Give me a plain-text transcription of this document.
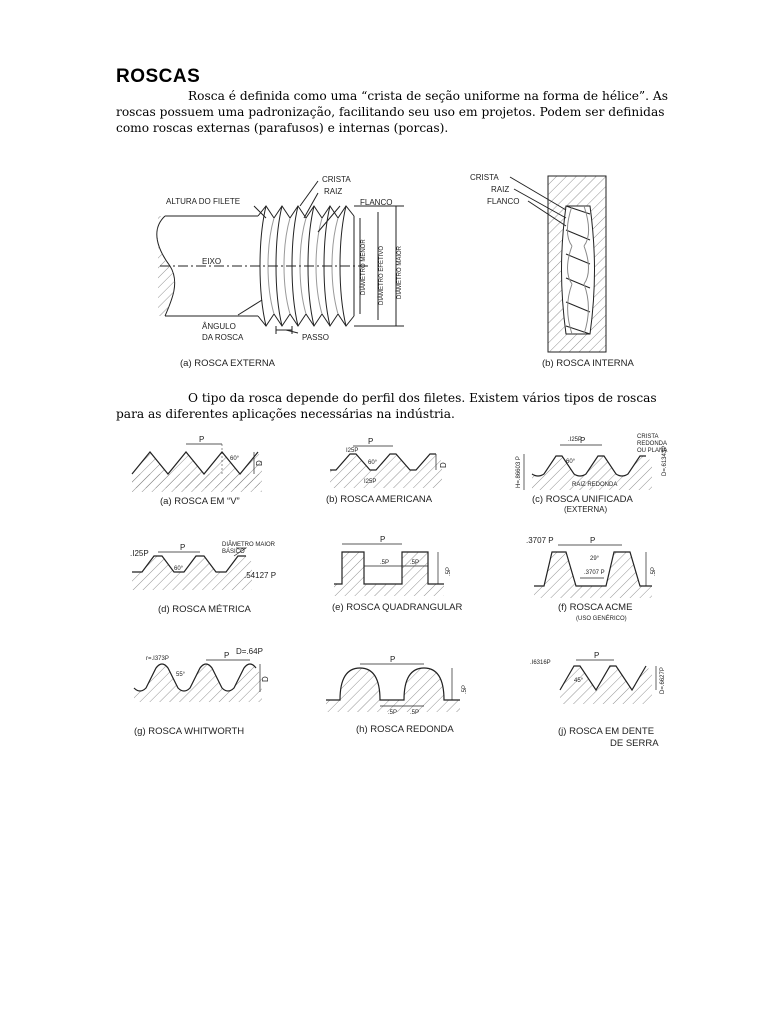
ROSCAS
Rosca é definida como uma “crista de seção uniforme na forma de hélice”. As roscas possuem uma padronização, facilitando seu uso em projetos. Podem ser definidas como roscas externas (parafusos) e internas (porcas).
O tipo da rosca depende do perfil dos filetes. Existem vários tipos de roscas para as diferentes aplicações necessárias na indústria.
CRISTA
RAIZ
FLANCO
ALTURA DO FILETE
EIXO	DIÂMETRO MENOR DIÂMETRO EFETIVO DIÂMETRO MAIOR
ÂNGULO
DA ROSCA	PASSO
(a) ROSCA EXTERNA
CRISTA
RAIZ
FLANCO
(b) ROSCA INTERNA
P
60°
D
(a) ROSCA EM “V”
P
I25P
60°
I25P
D
(b) ROSCA AMERICANA
P
.I25P
60°
H=.86603 P	D=.61343P
CRISTA
REDONDA
OU PLANA
RAIZ REDONDA
(c) ROSCA UNIFICADA
(EXTERNA)
P
.I25P
60°
.54127 P
DIÂMETRO MAIOR
BÁSICO
(d) ROSCA MÉTRICA
P
.5P	.5P
.5P
(e) ROSCA QUADRANGULAR
P
.3707 P
.3707 P
29°
.5P
(f) ROSCA ACME
(USO GENÉRICO)
P
r=.I373P
D=.64P
55°
D
(g) ROSCA WHITWORTH
P
.5P .5P
.5P
(h) ROSCA REDONDA
P
.I6316P
45°	D=.6627P
(j) ROSCA EM DENTE
DE SERRA
